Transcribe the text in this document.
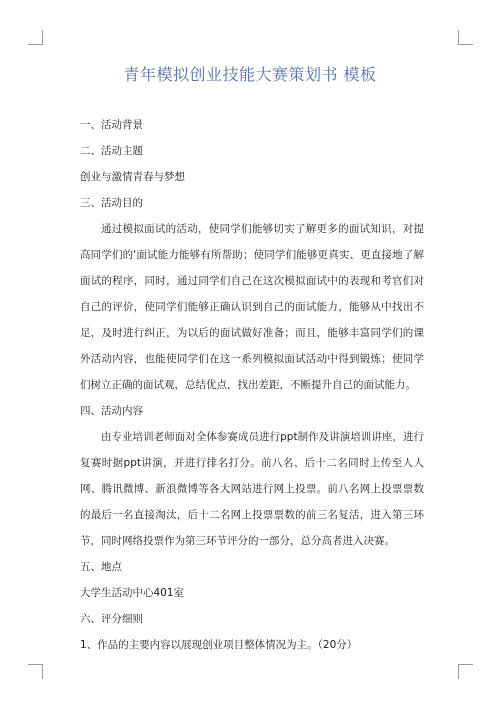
青年模拟创业技能大赛策划书 模板

一、活动背景

二、活动主题

创业与激情青春与梦想

三、活动目的

通过模拟面试的活动，使同学们能够切实了解更多的面试知识，对提高同学们的'面试能力能够有所帮助；使同学们能够更真实、更直接地了解面试的程序，同时，通过同学们自己在这次模拟面试中的表现和考官们对自己的评价，使同学们能够正确认识到自己的面试能力，能够从中找出不足，及时进行纠正，为以后的面试做好准备；而且，能够丰富同学们的课外活动内容，也能使同学们在这一系列模拟面试活动中得到锻炼；使同学们树立正确的面试观，总结优点，找出差距，不断提升自己的面试能力。

四、活动内容

由专业培训老师面对全体参赛成员进行ppt制作及讲演培训讲座，进行复赛时据ppt讲演，并进行排名打分。前八名、后十二名同时上传至人人网、腾讯微博、新浪微博等各大网站进行网上投票。前八名网上投票票数的最后一名直接淘汰，后十二名网上投票票数的前三名复活，进入第三环节，同时网络投票作为第三环节评分的一部分，总分高者进入决赛。

五、地点

大学生活动中心401室

六、评分细则

1、作品的主要内容以展现创业项目整体情况为主。（20分）
